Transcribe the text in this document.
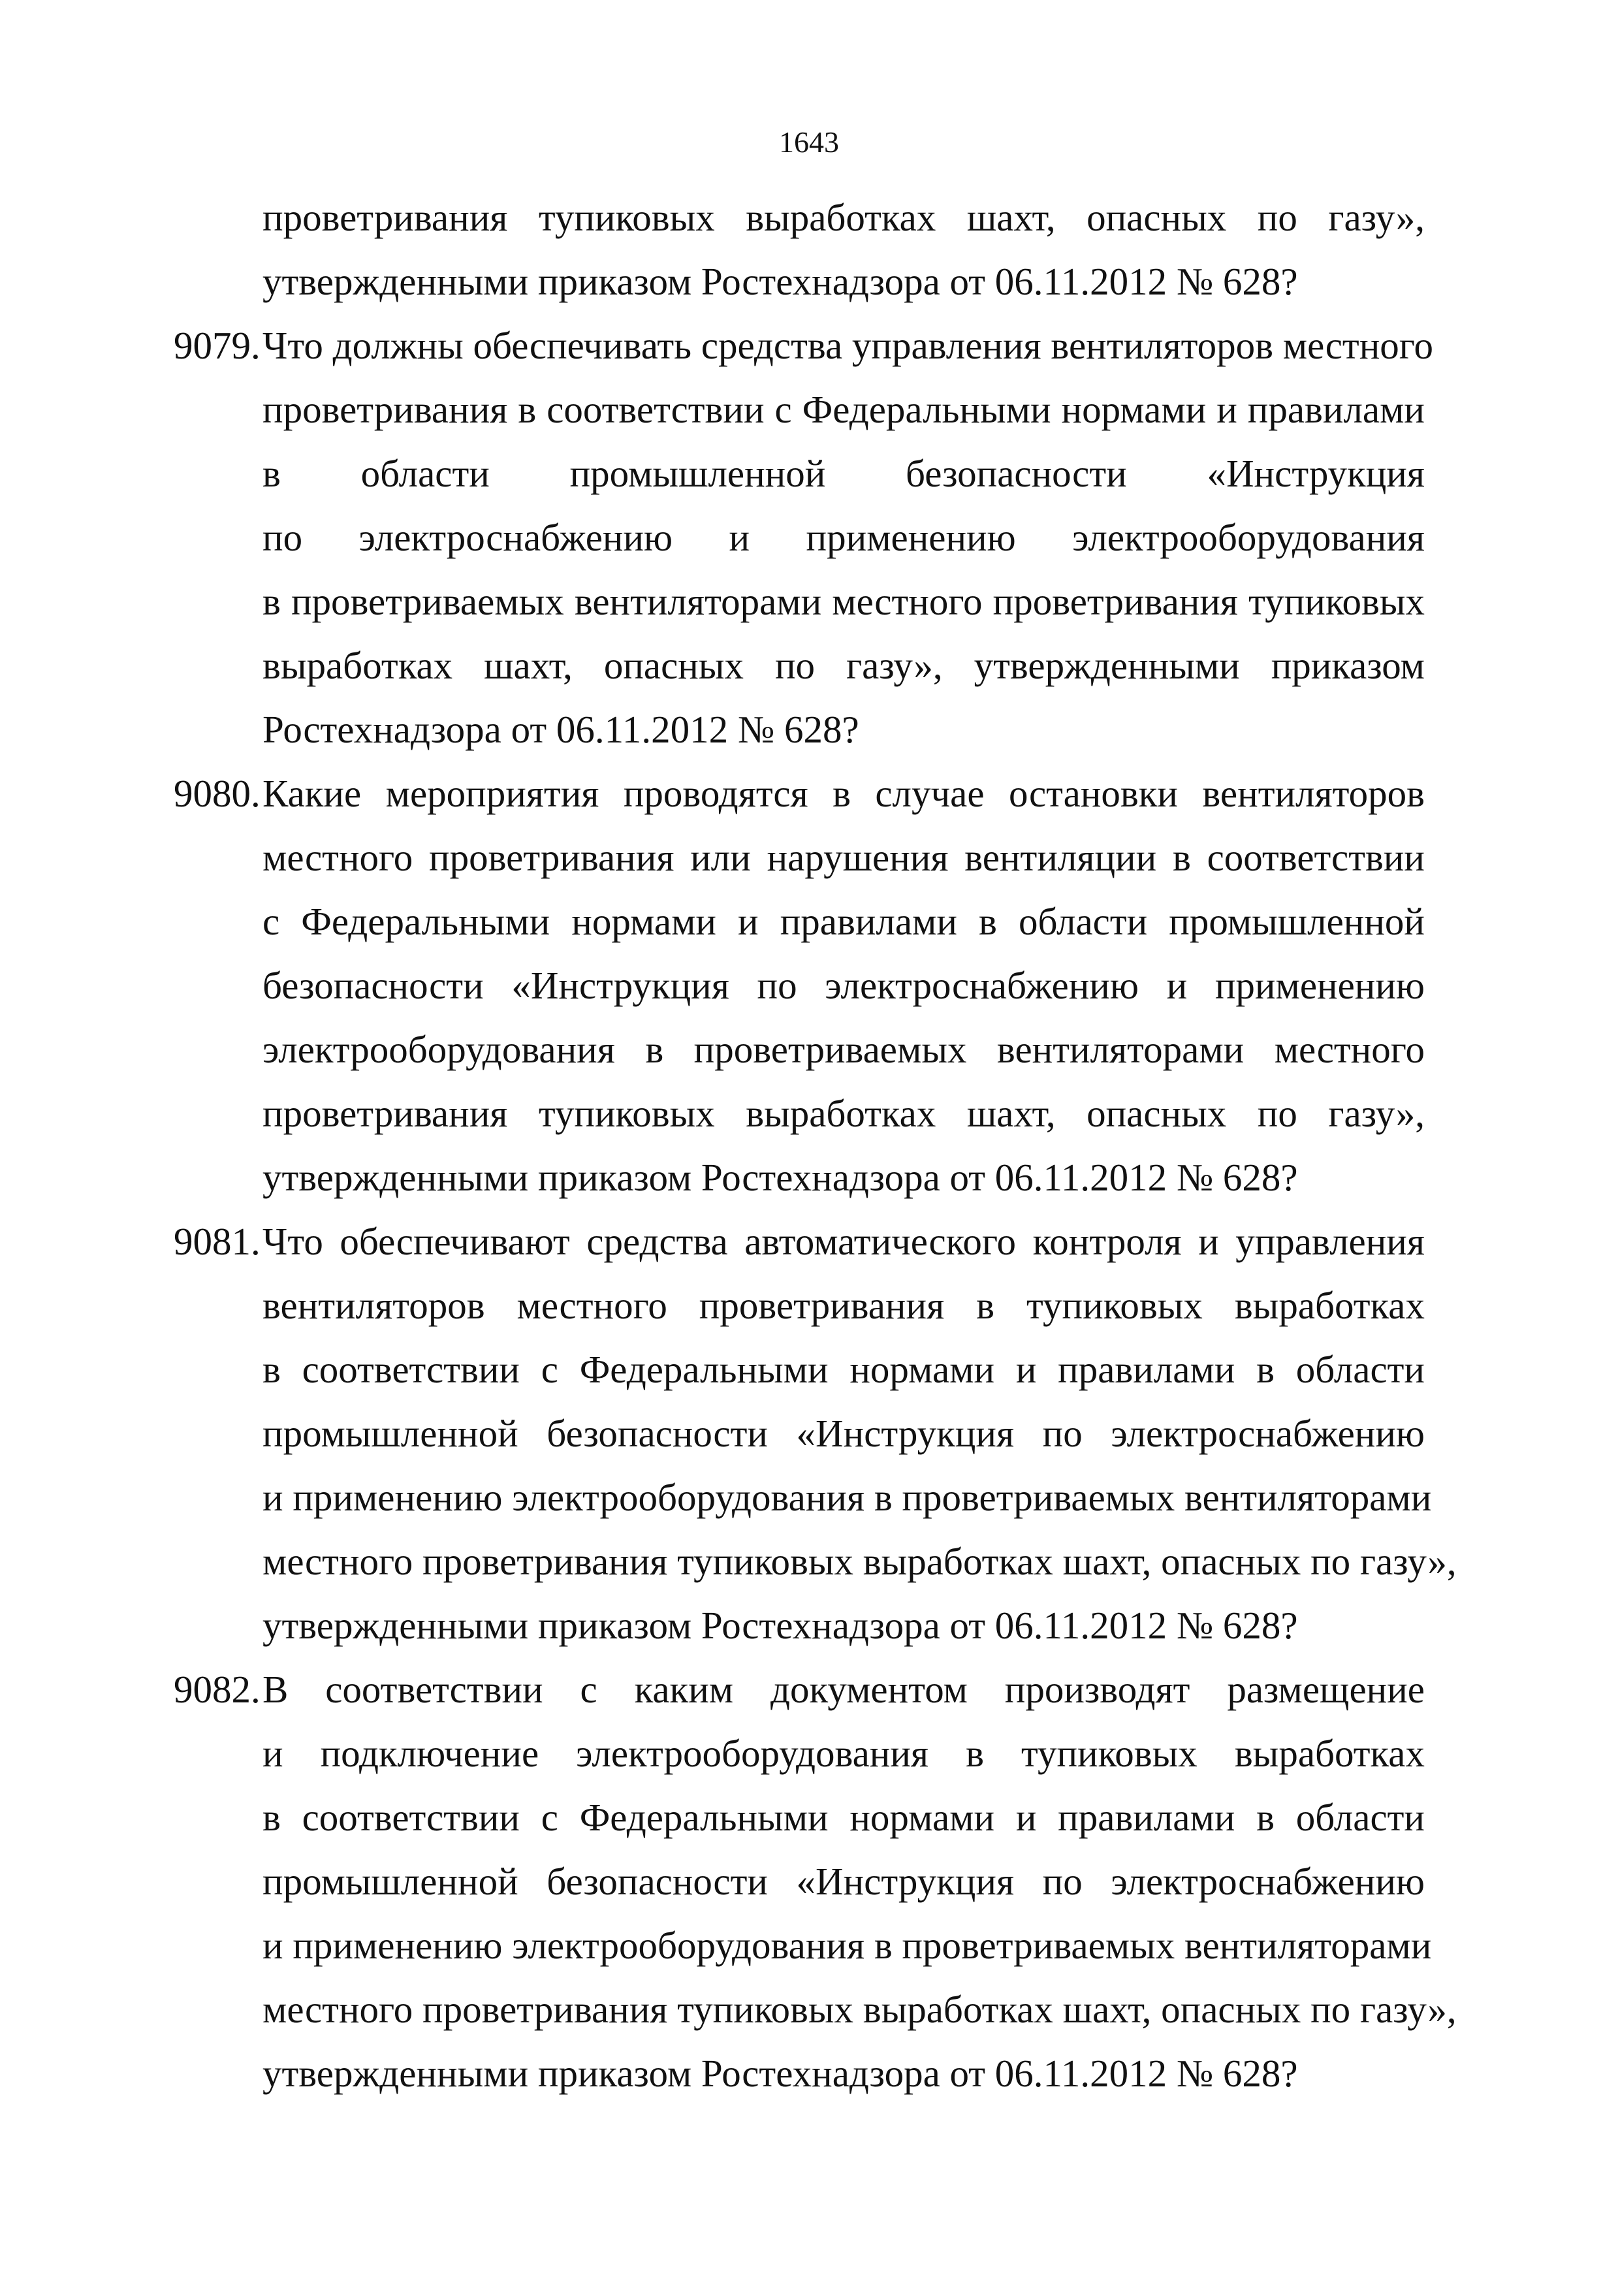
1643
проветривания тупиковых выработках шахт, опасных по газу»,
утвержденными приказом Ростехнадзора от 06.11.2012 № 628?
9079. Что должны обеспечивать средства управления вентиляторов местного
проветривания в соответствии с Федеральными нормами и правилами
в области промышленной безопасности «Инструкция
по электроснабжению и применению электрооборудования
в проветриваемых вентиляторами местного проветривания тупиковых
выработках шахт, опасных по газу», утвержденными приказом
Ростехнадзора от 06.11.2012 № 628?
9080. Какие мероприятия проводятся в случае остановки вентиляторов
местного проветривания или нарушения вентиляции в соответствии
с Федеральными нормами и правилами в области промышленной
безопасности «Инструкция по электроснабжению и применению
электрооборудования в проветриваемых вентиляторами местного
проветривания тупиковых выработках шахт, опасных по газу»,
утвержденными приказом Ростехнадзора от 06.11.2012 № 628?
9081. Что обеспечивают средства автоматического контроля и управления
вентиляторов местного проветривания в тупиковых выработках
в соответствии с Федеральными нормами и правилами в области
промышленной безопасности «Инструкция по электроснабжению
и применению электрооборудования в проветриваемых вентиляторами
местного проветривания тупиковых выработках шахт, опасных по газу»,
утвержденными приказом Ростехнадзора от 06.11.2012 № 628?
9082. В соответствии с каким документом производят размещение
и подключение электрооборудования в тупиковых выработках
в соответствии с Федеральными нормами и правилами в области
промышленной безопасности «Инструкция по электроснабжению
и применению электрооборудования в проветриваемых вентиляторами
местного проветривания тупиковых выработках шахт, опасных по газу»,
утвержденными приказом Ростехнадзора от 06.11.2012 № 628?
